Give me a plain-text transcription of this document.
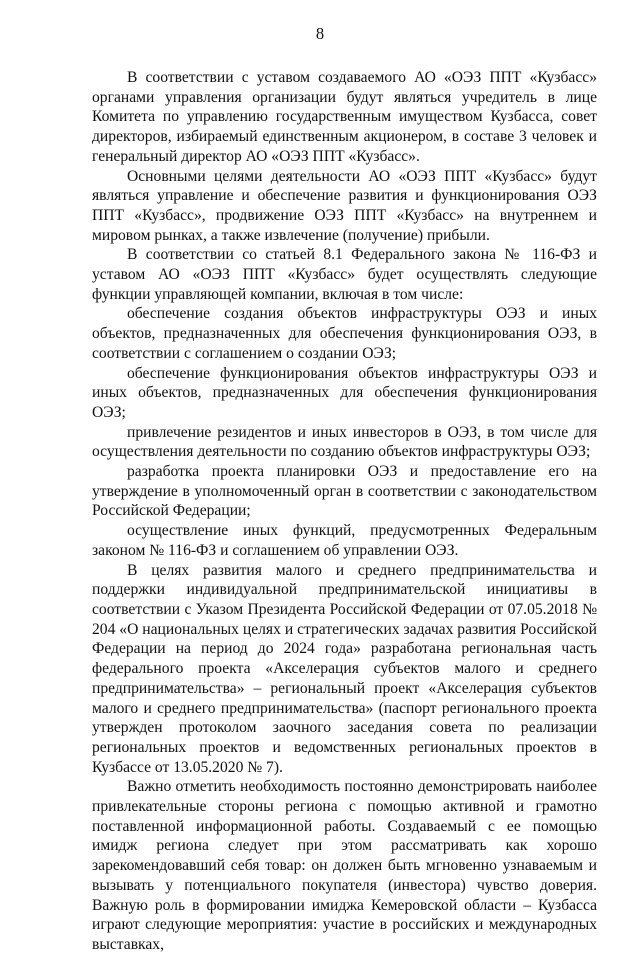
8

В соответствии с уставом создаваемого АО «ОЭЗ ППТ «Кузбасс» органами управления организации будут являться учредитель в лице Комитета по управлению государственным имуществом Кузбасса, совет директоров, избираемый единственным акционером, в составе 3 человек и генеральный директор АО «ОЭЗ ППТ «Кузбасс».

Основными целями деятельности АО «ОЭЗ ППТ «Кузбасс» будут являться управление и обеспечение развития и функционирования ОЭЗ ППТ «Кузбасс», продвижение ОЭЗ ППТ «Кузбасс» на внутреннем и мировом рынках, а также извлечение (получение) прибыли.

В соответствии со статьей 8.1 Федерального закона № 116-ФЗ и уставом АО «ОЭЗ ППТ «Кузбасс» будет осуществлять следующие функции управляющей компании, включая в том числе:

обеспечение создания объектов инфраструктуры ОЭЗ и иных объектов, предназначенных для обеспечения функционирования ОЭЗ, в соответствии с соглашением о создании ОЭЗ;

обеспечение функционирования объектов инфраструктуры ОЭЗ и иных объектов, предназначенных для обеспечения функционирования ОЭЗ;

привлечение резидентов и иных инвесторов в ОЭЗ, в том числе для осуществления деятельности по созданию объектов инфраструктуры ОЭЗ;

разработка проекта планировки ОЭЗ и предоставление его на утверждение в уполномоченный орган в соответствии с законодательством Российской Федерации;

осуществление иных функций, предусмотренных Федеральным законом № 116-ФЗ и соглашением об управлении ОЭЗ.

В целях развития малого и среднего предпринимательства и поддержки индивидуальной предпринимательской инициативы в соответствии с Указом Президента Российской Федерации от 07.05.2018 № 204 «О национальных целях и стратегических задачах развития Российской Федерации на период до 2024 года» разработана региональная часть федерального проекта «Акселерация субъектов малого и среднего предпринимательства» – региональный проект «Акселерация субъектов малого и среднего предпринимательства» (паспорт регионального проекта утвержден протоколом заочного заседания совета по реализации региональных проектов и ведомственных региональных проектов в Кузбассе от 13.05.2020 № 7).

Важно отметить необходимость постоянно демонстрировать наиболее привлекательные стороны региона с помощью активной и грамотно поставленной информационной работы. Создаваемый с ее помощью имидж региона следует при этом рассматривать как хорошо зарекомендовавший себя товар: он должен быть мгновенно узнаваемым и вызывать у потенциального покупателя (инвестора) чувство доверия. Важную роль в формировании имиджа Кемеровской области – Кузбасса играют следующие мероприятия: участие в российских и международных выставках,
